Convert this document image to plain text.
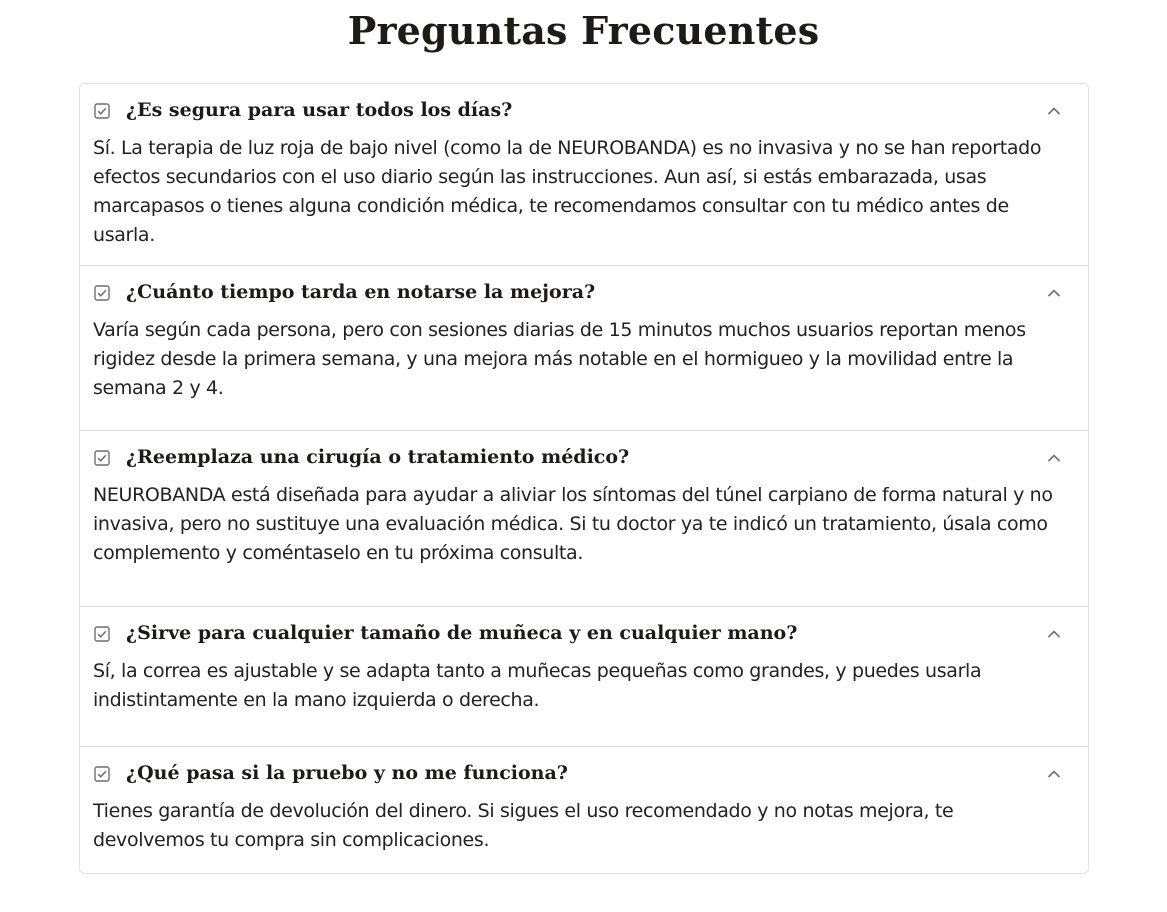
Preguntas Frecuentes
¿Es segura para usar todos los días?

Sí. La terapia de luz roja de bajo nivel (como la de NEUROBANDA) es no invasiva y no se han reportado efectos secundarios con el uso diario según las instrucciones. Aun así, si estás embarazada, usas marcapasos o tienes alguna condición médica, te recomendamos consultar con tu médico antes de usarla.

¿Cuánto tiempo tarda en notarse la mejora?

Varía según cada persona, pero con sesiones diarias de 15 minutos muchos usuarios reportan menos rigidez desde la primera semana, y una mejora más notable en el hormigueo y la movilidad entre la semana 2 y 4.

¿Reemplaza una cirugía o tratamiento médico?

NEUROBANDA está diseñada para ayudar a aliviar los síntomas del túnel carpiano de forma natural y no invasiva, pero no sustituye una evaluación médica. Si tu doctor ya te indicó un tratamiento, úsala como complemento y coméntaselo en tu próxima consulta.

¿Sirve para cualquier tamaño de muñeca y en cualquier mano?

Sí, la correa es ajustable y se adapta tanto a muñecas pequeñas como grandes, y puedes usarla indistintamente en la mano izquierda o derecha.

¿Qué pasa si la pruebo y no me funciona?

Tienes garantía de devolución del dinero. Si sigues el uso recomendado y no notas mejora, te devolvemos tu compra sin complicaciones.
